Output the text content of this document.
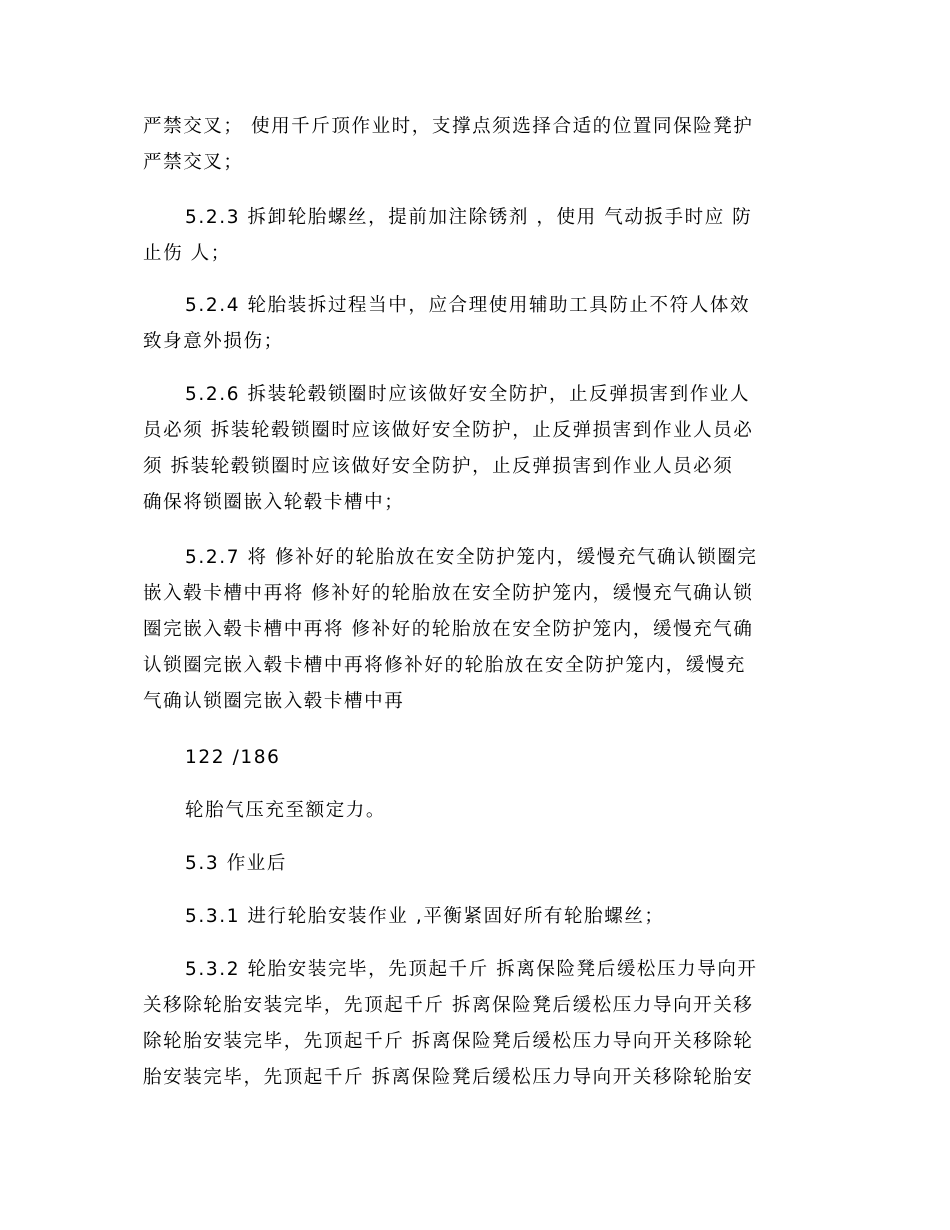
严禁交叉； 使用千斤顶作业时，支撑点须选择合适的位置同保险凳护
严禁交叉；
5.2.3 拆卸轮胎螺丝，提前加注除锈剂 ，使用 气动扳手时应 防
止伤 人；
5.2.4 轮胎装拆过程当中，应合理使用辅助工具防止不符人体效
致身意外损伤；
5.2.6 拆装轮毂锁圈时应该做好安全防护，止反弹损害到作业人
员必须 拆装轮毂锁圈时应该做好安全防护，止反弹损害到作业人员必
须 拆装轮毂锁圈时应该做好安全防护，止反弹损害到作业人员必须
确保将锁圈嵌入轮毂卡槽中；
5.2.7 将 修补好的轮胎放在安全防护笼内，缓慢充气确认锁圈完
嵌入毂卡槽中再将 修补好的轮胎放在安全防护笼内，缓慢充气确认锁
圈完嵌入毂卡槽中再将 修补好的轮胎放在安全防护笼内，缓慢充气确
认锁圈完嵌入毂卡槽中再将修补好的轮胎放在安全防护笼内，缓慢充
气确认锁圈完嵌入毂卡槽中再
122 /186
轮胎气压充至额定力。
5.3 作业后
5.3.1 进行轮胎安装作业 ,平衡紧固好所有轮胎螺丝；
5.3.2 轮胎安装完毕，先顶起千斤 拆离保险凳后缓松压力导向开
关移除轮胎安装完毕，先顶起千斤 拆离保险凳后缓松压力导向开关移
除轮胎安装完毕，先顶起千斤 拆离保险凳后缓松压力导向开关移除轮
胎安装完毕，先顶起千斤 拆离保险凳后缓松压力导向开关移除轮胎安
